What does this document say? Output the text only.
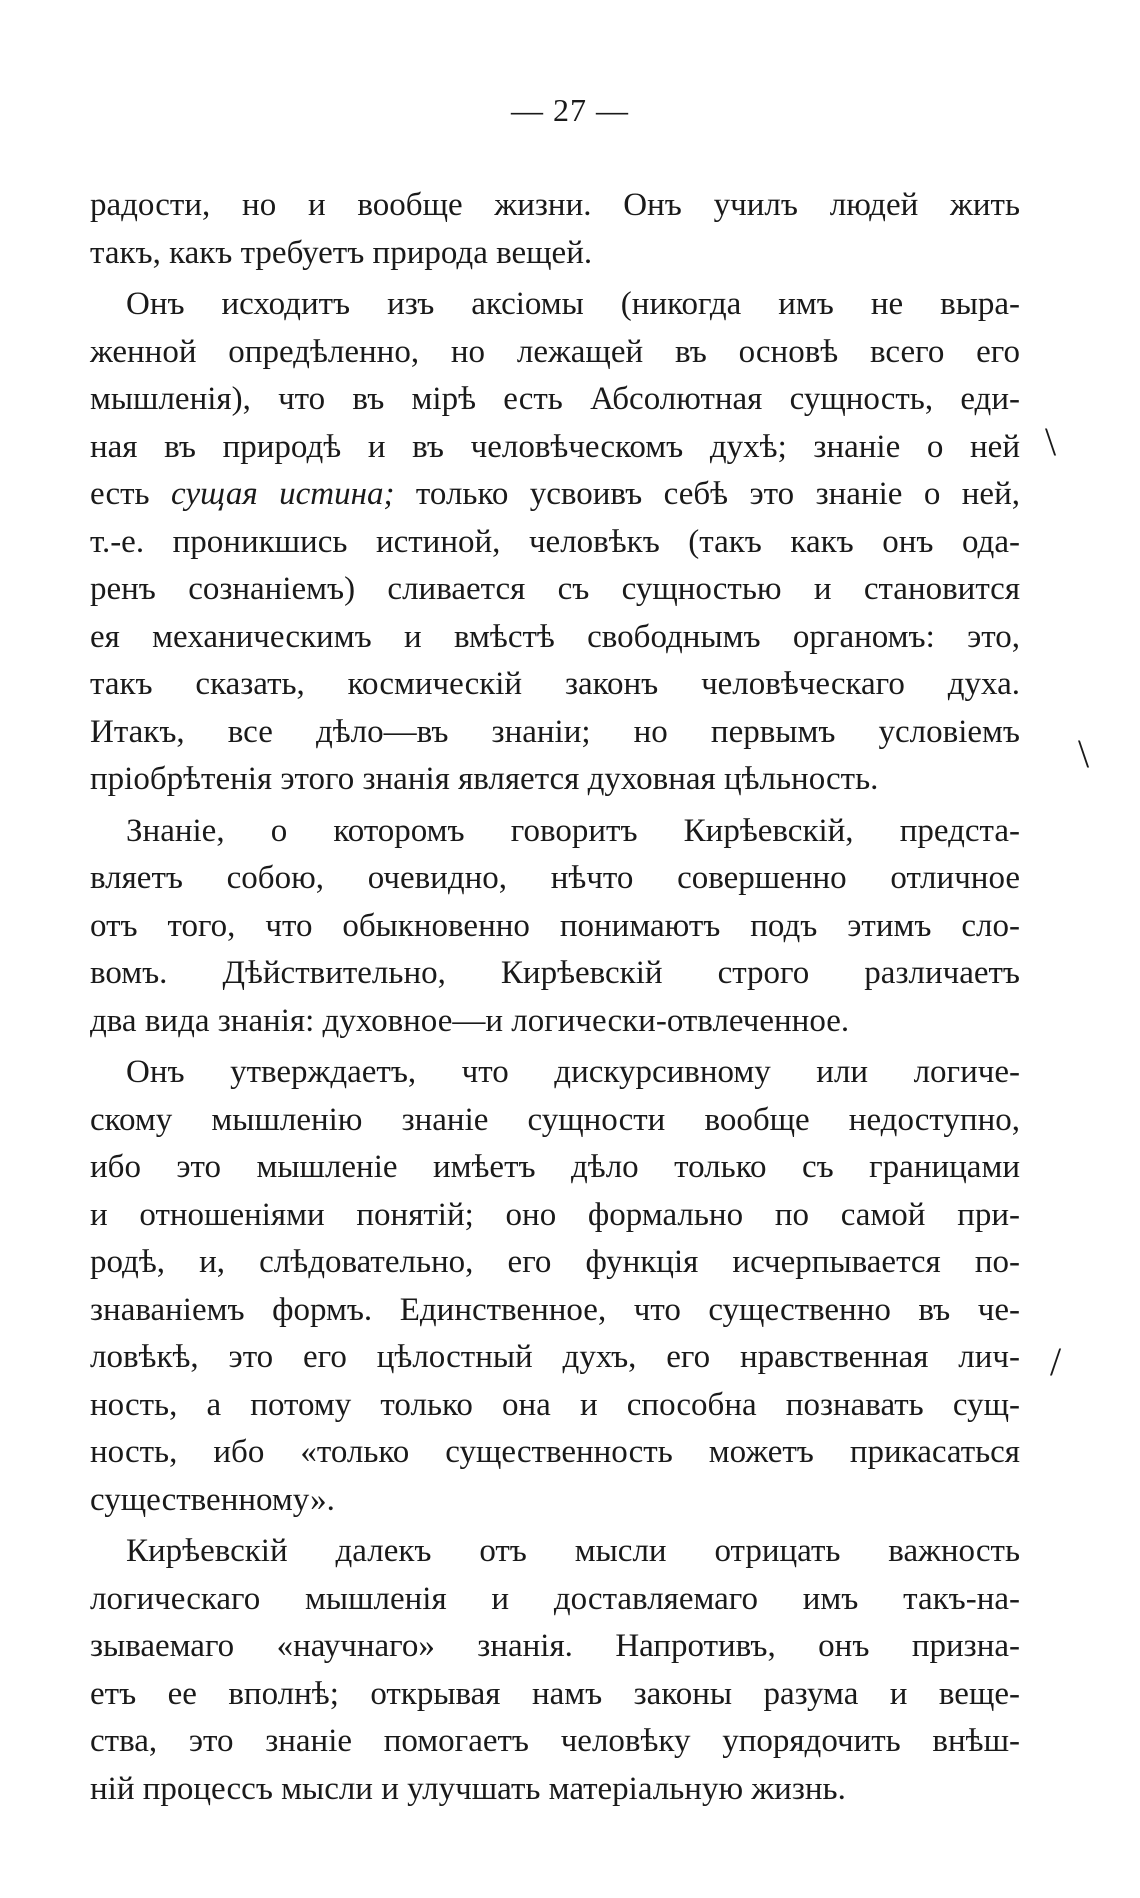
— 27 —
радости, но и вообще жизни. Онъ училъ людей жить
такъ, какъ требуетъ природа вещей.
Онъ исходитъ изъ аксіомы (никогда имъ не выра-
женной опредѣленно, но лежащей въ основѣ всего его
мышленія), что въ мірѣ есть Абсолютная сущность, еди-
ная въ природѣ и въ человѣческомъ духѣ; знаніе о ней
есть сущая истина; только усвоивъ себѣ это знаніе о ней,
т.-е. проникшись истиной, человѣкъ (такъ какъ онъ ода-
ренъ сознаніемъ) сливается съ сущностью и становится
ея механическимъ и вмѣстѣ свободнымъ органомъ: это,
такъ сказать, космическій законъ человѣческаго духа.
Итакъ, все дѣло—въ знаніи; но первымъ условіемъ
пріобрѣтенія этого знанія является духовная цѣльность.
Знаніе, о которомъ говоритъ Кирѣевскій, предста-
вляетъ собою, очевидно, нѣчто совершенно отличное
отъ того, что обыкновенно понимаютъ подъ этимъ сло-
вомъ. Дѣйствительно, Кирѣевскій строго различаетъ
два вида знанія: духовное—и логически-отвлеченное.
Онъ утверждаетъ, что дискурсивному или логиче-
скому мышленію знаніе сущности вообще недоступно,
ибо это мышленіе имѣетъ дѣло только съ границами
и отношеніями понятій; оно формально по самой при-
родѣ, и, слѣдовательно, его функція исчерпывается по-
знаваніемъ формъ. Единственное, что существенно въ че-
ловѣкѣ, это его цѣлостный духъ, его нравственная лич-
ность, а потому только она и способна познавать сущ-
ность, ибо «только существенность можетъ прикасаться
существенному».
Кирѣевскій далекъ отъ мысли отрицать важность
логическаго мышленія и доставляемаго имъ такъ-на-
зываемаго «научнаго» знанія. Напротивъ, онъ призна-
етъ ее вполнѣ; открывая намъ законы разума и веще-
ства, это знаніе помогаетъ человѣку упорядочить внѣш-
ній процессъ мысли и улучшать матеріальную жизнь.
\
\
/
